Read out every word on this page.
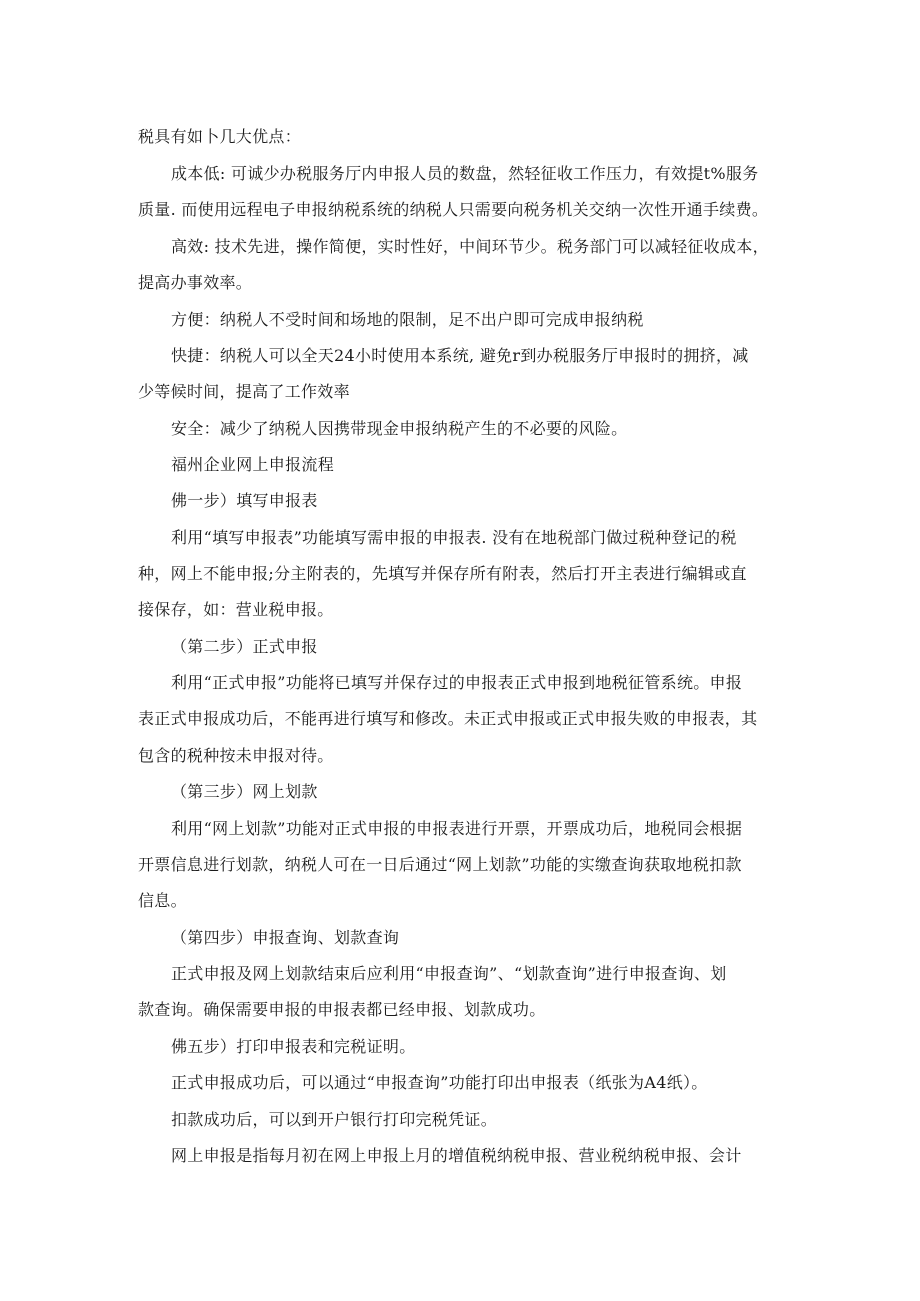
税具有如卜几大优点：
成本低: 可诚少办税服务厅内申报人员的数盘，然轻征收工作压力，有效提t%服务
质量. 而使用远程电子申报纳税系统的纳税人只需要向税务机关交纳一次性开通手续费。
高效: 技术先进，操作简便，实时性好，中间环节少。税务部门可以减轻征收成本，
提高办事效率。
方便：纳税人不受时间和场地的限制，足不出户即可完成申报纳税
快捷：纳税人可以全天24小时使用本系统, 避免r到办税服务厅申报时的拥挤，减
少等候时间，提高了工作效率
安全：减少了纳税人因携带现金申报纳税产生的不必要的风险。
福州企业网上申报流程
佛一步）填写申报表
利用“填写申报表”功能填写需申报的申报表. 没有在地税部门做过税种登记的税
种，网上不能申报;分主附表的，先填写并保存所有附表，然后打开主表进行编辑或直
接保存，如：营业税申报。
（第二步）正式申报
利用“正式申报”功能将已填写并保存过的申报表正式申报到地税征管系统。申报
表正式申报成功后，不能再进行填写和修改。未正式申报或正式申报失败的申报表，其
包含的税种按未申报对待。
（第三步）网上划款
利用“网上划款”功能对正式申报的申报表进行开票，开票成功后，地税同会根据
开票信息进行划款，纳税人可在一日后通过“网上划款”功能的实缴查询获取地税扣款
信息。
（第四步）申报查询、划款查询
正式申报及网上划款结束后应利用“申报查询”、“划款查询”进行申报查询、划
款查询。确保需要申报的申报表都已经申报、划款成功。
佛五步）打印申报表和完税证明。
正式申报成功后，可以通过“申报查询”功能打印出申报表（纸张为A4纸）。
扣款成功后，可以到开户银行打印完税凭证。
网上申报是指每月初在网上申报上月的增值税纳税申报、营业税纳税申报、会计
